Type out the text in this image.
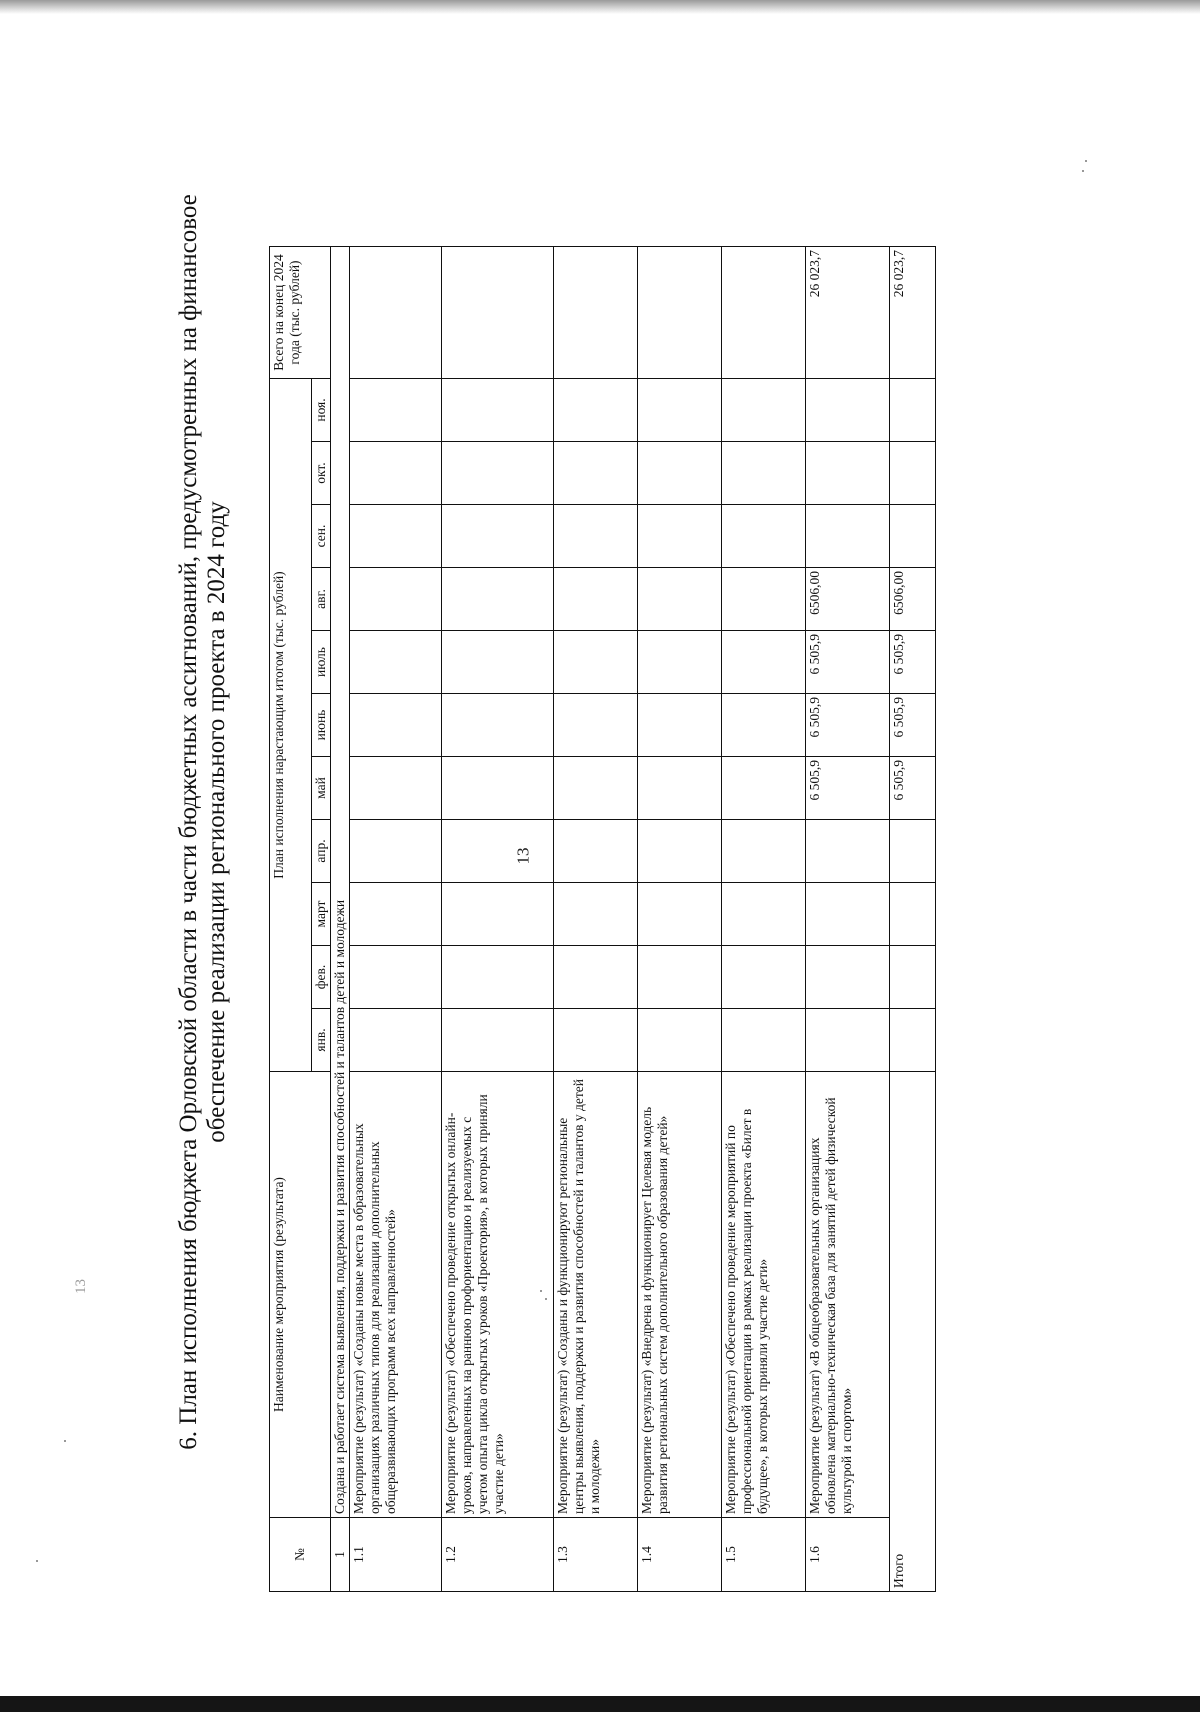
13
13	6. План исполнения бюджета Орловской области в части бюджетных ассигнований, предусмотренных на финансовое обеспечение реализации регионального проекта в 2024 году
№	Наименование мероприятия (результата)	План исполнения нарастающим итогом (тыс. рублей)											Всего на конец 2024 года (тыс. рублей)
		янв.	фев.	март	апр.	май	июнь	июль	авг.	сен.	окт.	ноя.	
1	Создана и работает система выявления, поддержки и развития способностей и талантов детей и молодежи												
1.1	Мероприятие (результат) «Созданы новые места в образовательных организациях различных типов для реализации дополнительных общеразвивающих программ всех направленностей»												
1.2	Мероприятие (результат) «Обеспечено проведение открытых онлайн-уроков, направленных на раннюю профориентацию и реализуемых с учетом опыта цикла открытых уроков «Проектория», в которых приняли участие дети»												
1.3	Мероприятие (результат) «Созданы и функционируют региональные центры выявления, поддержки и развития способностей и талантов у детей и молодежи»												
1.4	Мероприятие (результат) «Внедрена и функционирует Целевая модель развития региональных систем дополнительного образования детей»												
1.5	Мероприятие (результат) «Обеспечено проведение мероприятий по профессиональной ориентации в рамках реализации проекта «Билет в будущее», в которых приняли участие дети»												
1.6	Мероприятие (результат) «В общеобразовательных организациях обновлена материально-техническая база для занятий детей физической культурой и спортом»					6 505,9	6 505,9	6 505,9	6506,00				26 023,7
Итого						6 505,9	6 505,9	6 505,9	6506,00				26 023,7
